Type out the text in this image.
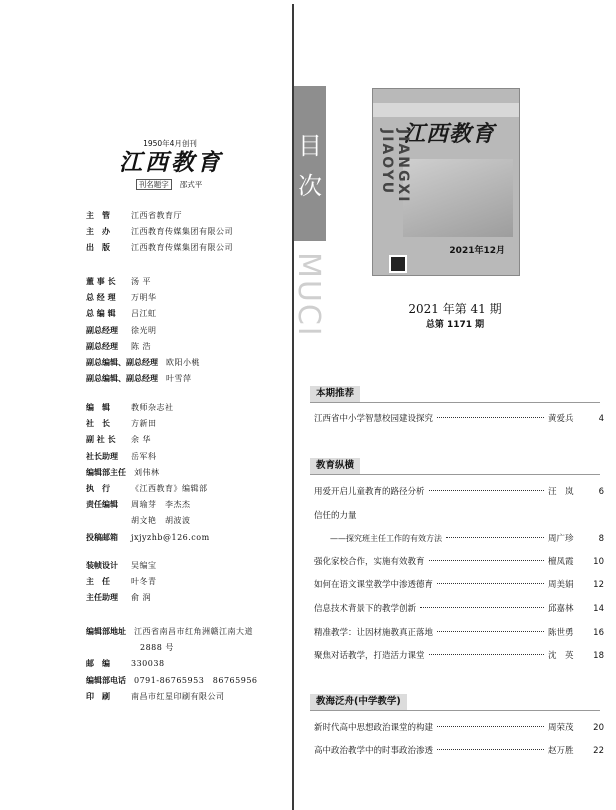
1950年4月创刊
江西教育
刊名题字 邵式平
主　管	江西省教育厅
主　办	江西教育传媒集团有限公司
出　版	江西教育传媒集团有限公司
董 事 长	汤 平
总 经 理	万明华
总 编 辑	吕江虹
副总经理	徐光明
副总经理	陈 浩
副总编辑、副总经理 欧阳小桃
副总编辑、副总经理 叶雪萍
编　辑	教师杂志社
社　长	方新田
副 社 长	余 华
社长助理	岳军科
编辑部主任 刘伟林
执　行	《江西教育》编辑部
责任编辑	周瑜芽　李杰杰
胡文艳　胡波波
投稿邮箱	jxjyzhb@126.com
装帧设计	吴编宝
主　任	叶冬青
主任助理	俞 润
编辑部地址 江西省南昌市红角洲赣江南大道
2888 号
邮　编	330038
编辑部电话 0791-86765953　86765956
印　刷	南昌市红星印刷有限公司
目
次
MUCI
江西教育
JIANGXI JIAOYU
2021年12月
2021 年第 41 期
总第 1171 期
本期推荐
教育纵横
教海泛舟(中学教学)
江西省中小学智慧校园建设探究	黄爱兵	4
用爱开启儿童教育的路径分析	汪　岚	6
信任的力量
——探究班主任工作的有效方法	周广珍	8
强化家校合作，实施有效教育	檀凤霞	10
如何在语文课堂教学中渗透德育	周美娟	12
信息技术背景下的教学创新	邱嘉林	14
精准教学：让因材施教真正落地	陈世勇	16
聚焦对话教学，打造活力课堂	沈　英	18
新时代高中思想政治课堂的构建	周荣茂	20
高中政治教学中的时事政治渗透	赵万胜	22
